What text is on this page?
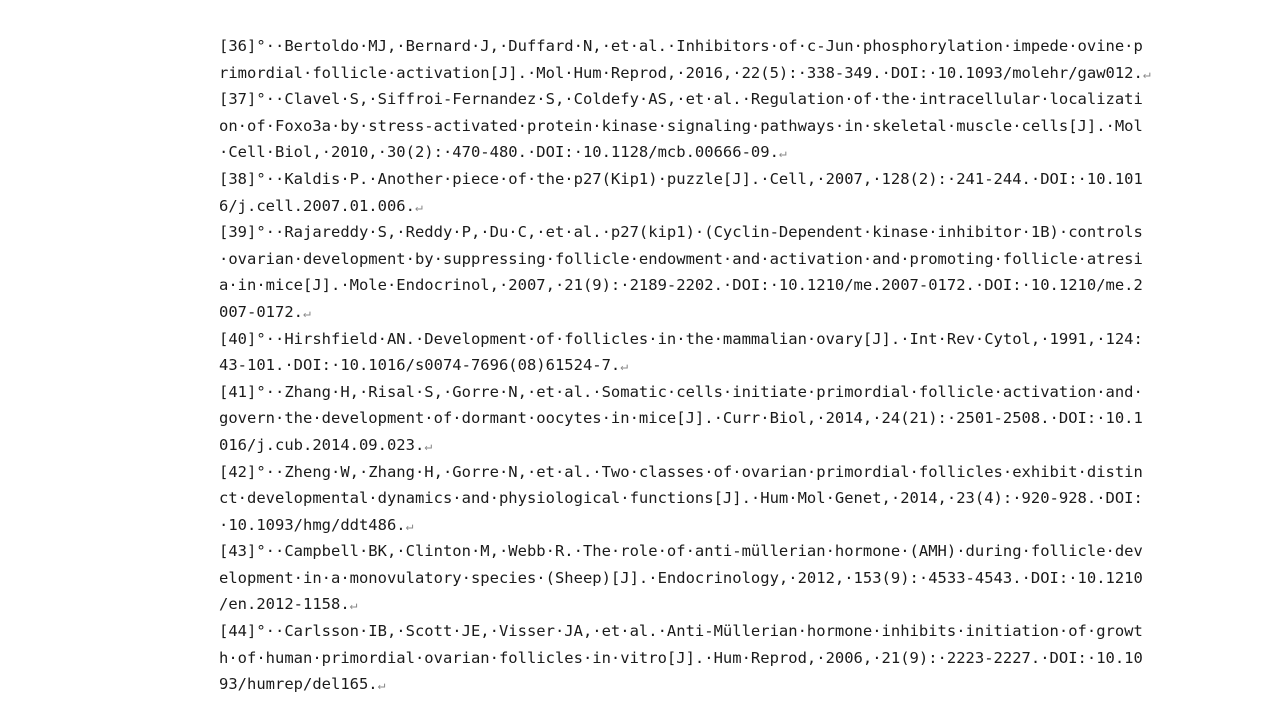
[36]°··Bertoldo·MJ,·Bernard·J,·Duffard·N,·et·al.·Inhibitors·of·c-Jun·phosphorylation·impede·ovine·p
rimordial·follicle·activation[J].·Mol·Hum·Reprod,·2016,·22(5):·338-349.·DOI:·10.1093/molehr/gaw012.↵
[37]°··Clavel·S,·Siffroi-Fernandez·S,·Coldefy·AS,·et·al.·Regulation·of·the·intracellular·localizati
on·of·Foxo3a·by·stress-activated·protein·kinase·signaling·pathways·in·skeletal·muscle·cells[J].·Mol
·Cell·Biol,·2010,·30(2):·470-480.·DOI:·10.1128/mcb.00666-09.↵
[38]°··Kaldis·P.·Another·piece·of·the·p27(Kip1)·puzzle[J].·Cell,·2007,·128(2):·241-244.·DOI:·10.101
6/j.cell.2007.01.006.↵
[39]°··Rajareddy·S,·Reddy·P,·Du·C,·et·al.·p27(kip1)·(Cyclin-Dependent·kinase·inhibitor·1B)·controls
·ovarian·development·by·suppressing·follicle·endowment·and·activation·and·promoting·follicle·atresi
a·in·mice[J].·Mole·Endocrinol,·2007,·21(9):·2189-2202.·DOI:·10.1210/me.2007-0172.·DOI:·10.1210/me.2
007-0172.↵
[40]°··Hirshfield·AN.·Development·of·follicles·in·the·mammalian·ovary[J].·Int·Rev·Cytol,·1991,·124:
43-101.·DOI:·10.1016/s0074-7696(08)61524-7.↵
[41]°··Zhang·H,·Risal·S,·Gorre·N,·et·al.·Somatic·cells·initiate·primordial·follicle·activation·and·
govern·the·development·of·dormant·oocytes·in·mice[J].·Curr·Biol,·2014,·24(21):·2501-2508.·DOI:·10.1
016/j.cub.2014.09.023.↵
[42]°··Zheng·W,·Zhang·H,·Gorre·N,·et·al.·Two·classes·of·ovarian·primordial·follicles·exhibit·distin
ct·developmental·dynamics·and·physiological·functions[J].·Hum·Mol·Genet,·2014,·23(4):·920-928.·DOI:
·10.1093/hmg/ddt486.↵
[43]°··Campbell·BK,·Clinton·M,·Webb·R.·The·role·of·anti-müllerian·hormone·(AMH)·during·follicle·dev
elopment·in·a·monovulatory·species·(Sheep)[J].·Endocrinology,·2012,·153(9):·4533-4543.·DOI:·10.1210
/en.2012-1158.↵
[44]°··Carlsson·IB,·Scott·JE,·Visser·JA,·et·al.·Anti-Müllerian·hormone·inhibits·initiation·of·growt
h·of·human·primordial·ovarian·follicles·in·vitro[J].·Hum·Reprod,·2006,·21(9):·2223-2227.·DOI:·10.10
93/humrep/del165.↵
